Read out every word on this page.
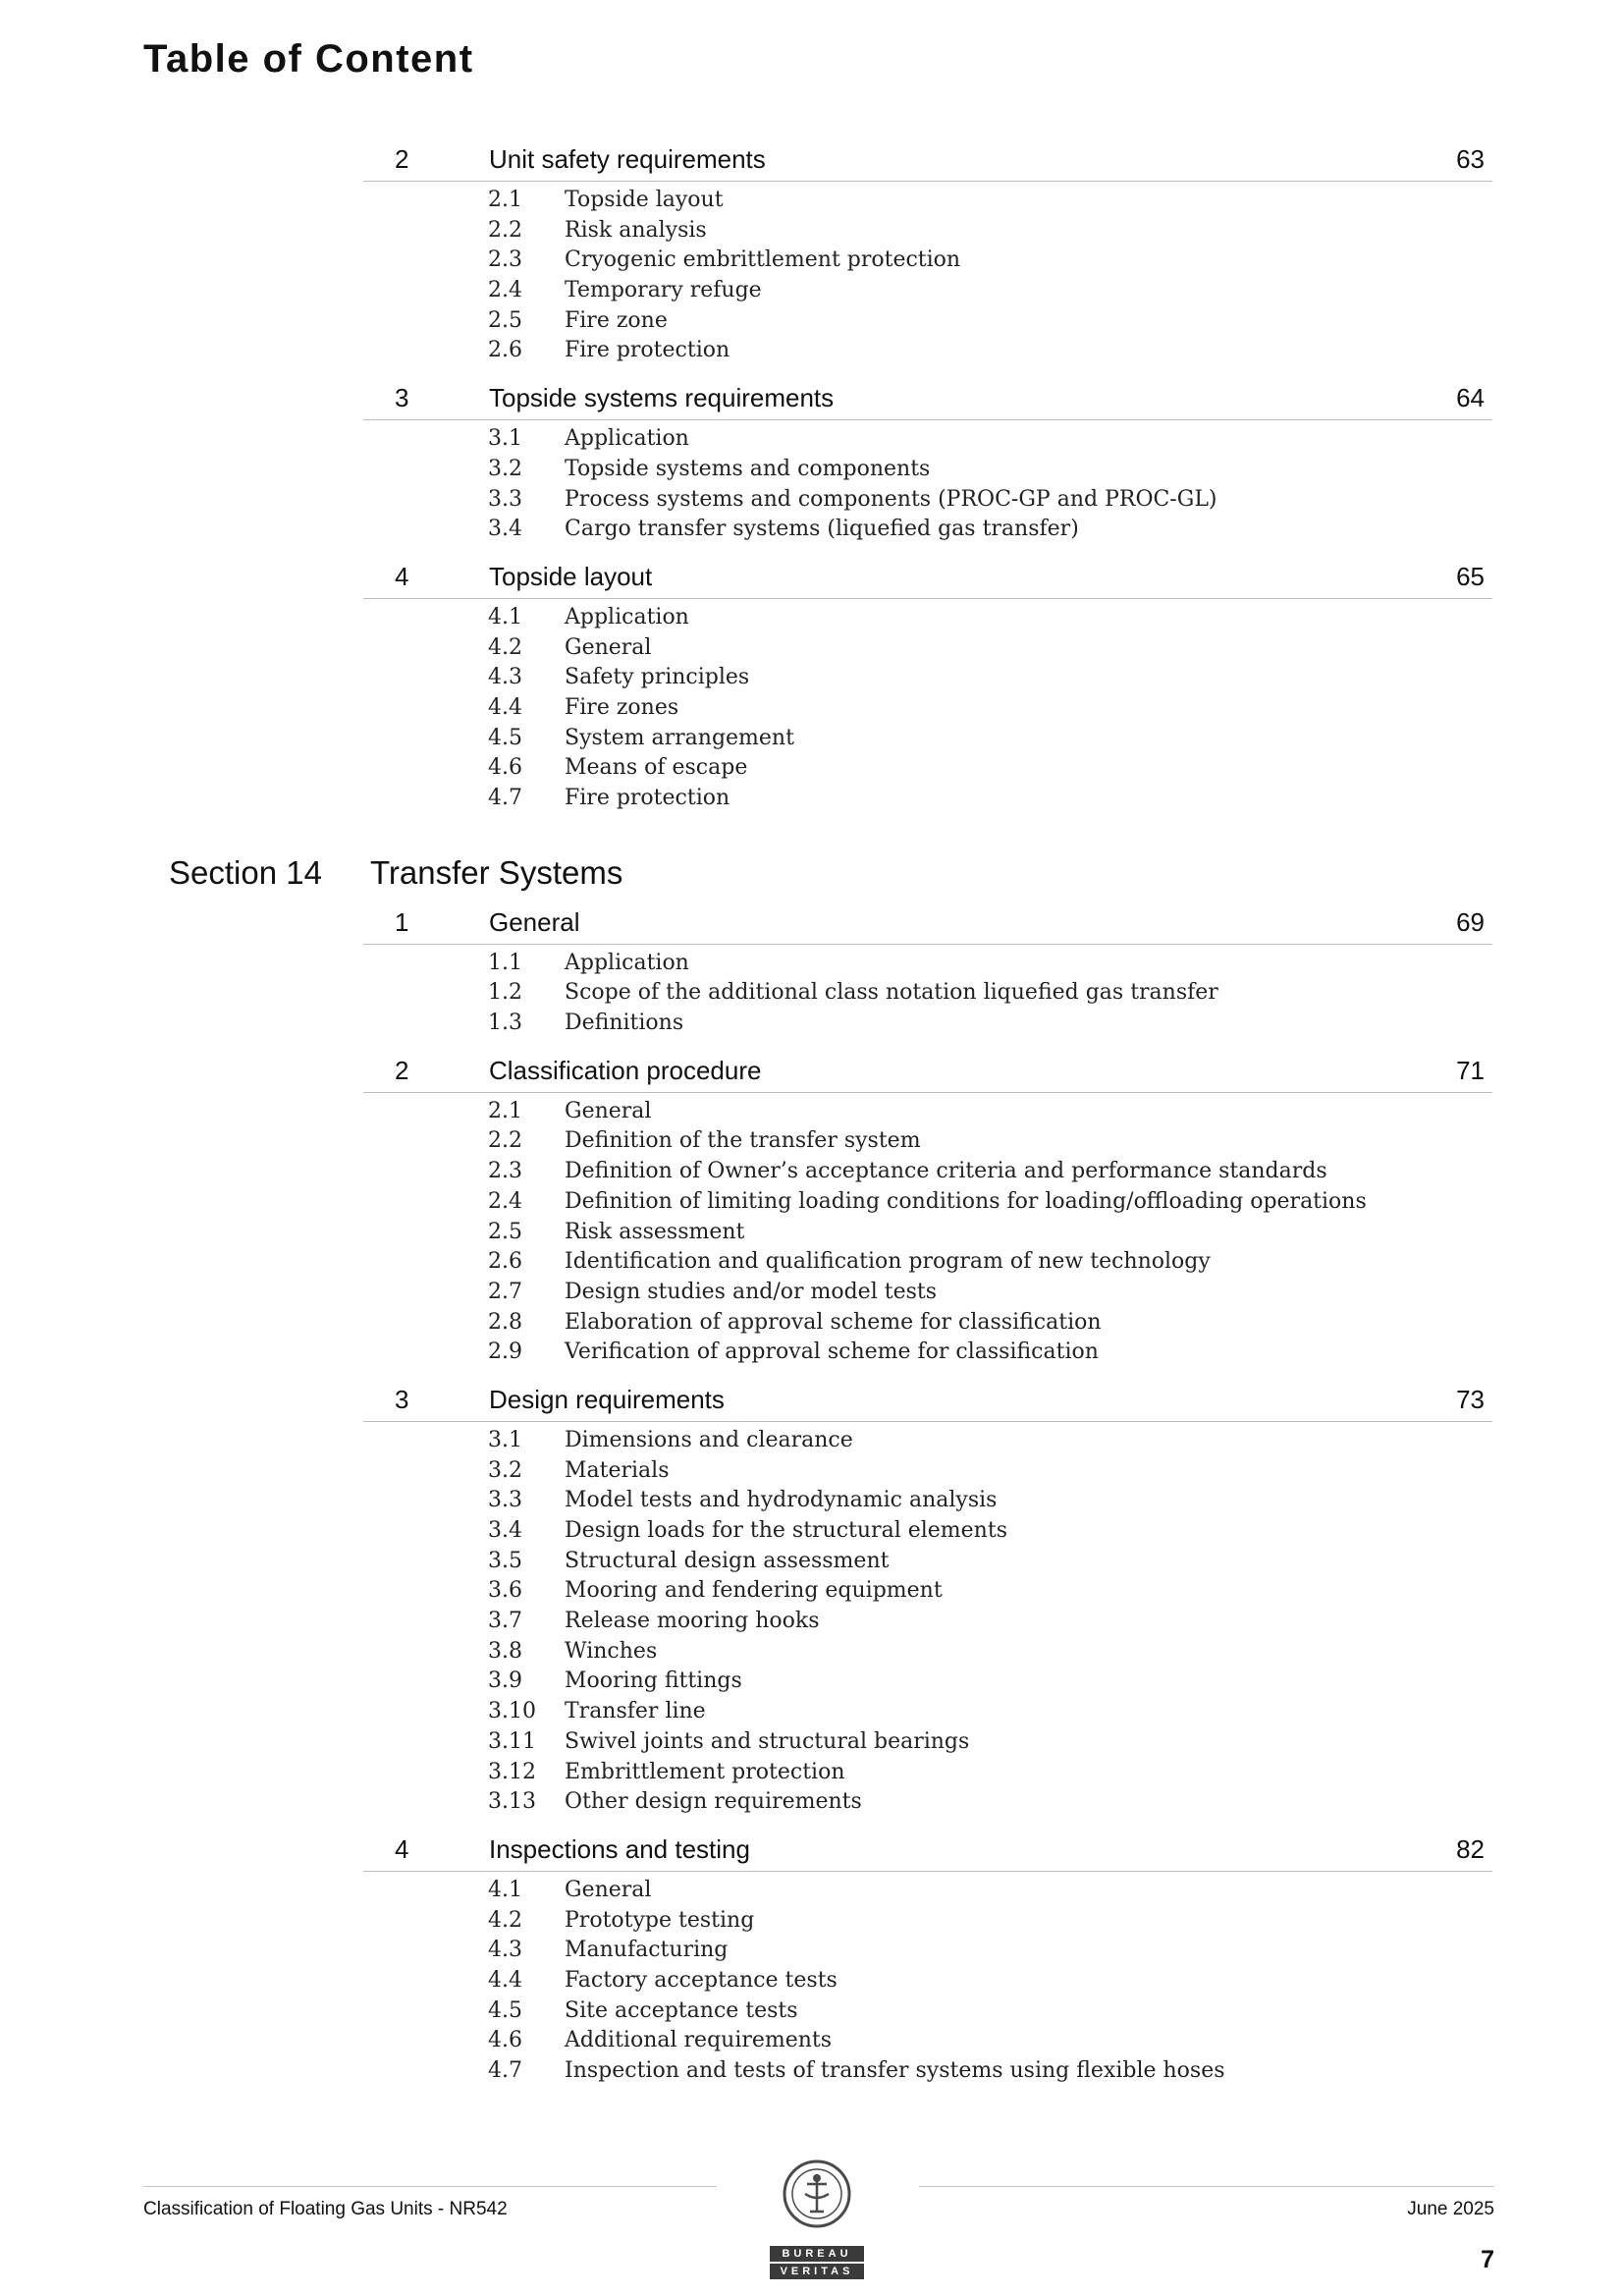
Table of Content
2	Unit safety requirements	63
2.1 Topside layout
2.2 Risk analysis
2.3 Cryogenic embrittlement protection
2.4 Temporary refuge
2.5 Fire zone
2.6 Fire protection
3	Topside systems requirements	64
3.1 Application
3.2 Topside systems and components
3.3 Process systems and components (PROC-GP and PROC-GL)
3.4 Cargo transfer systems (liquefied gas transfer)
4	Topside layout	65
4.1 Application
4.2 General
4.3 Safety principles
4.4 Fire zones
4.5 System arrangement
4.6 Means of escape
4.7 Fire protection
Section 14 Transfer Systems
1	General	69
1.1 Application
1.2 Scope of the additional class notation liquefied gas transfer
1.3 Definitions
2	Classification procedure	71
2.1 General
2.2 Definition of the transfer system
2.3 Definition of Owner’s acceptance criteria and performance standards
2.4 Definition of limiting loading conditions for loading/offloading operations
2.5 Risk assessment
2.6 Identification and qualification program of new technology
2.7 Design studies and/or model tests
2.8 Elaboration of approval scheme for classification
2.9 Verification of approval scheme for classification
3	Design requirements	73
3.1 Dimensions and clearance
3.2 Materials
3.3 Model tests and hydrodynamic analysis
3.4 Design loads for the structural elements
3.5 Structural design assessment
3.6 Mooring and fendering equipment
3.7 Release mooring hooks
3.8 Winches
3.9 Mooring fittings
3.10 Transfer line
3.11 Swivel joints and structural bearings
3.12 Embrittlement protection
3.13 Other design requirements
4	Inspections and testing	82
4.1 General
4.2 Prototype testing
4.3 Manufacturing
4.4 Factory acceptance tests
4.5 Site acceptance tests
4.6 Additional requirements
4.7 Inspection and tests of transfer systems using flexible hoses
BUREAU
VERITAS
Classification of Floating Gas Units - NR542	June 2025
7
